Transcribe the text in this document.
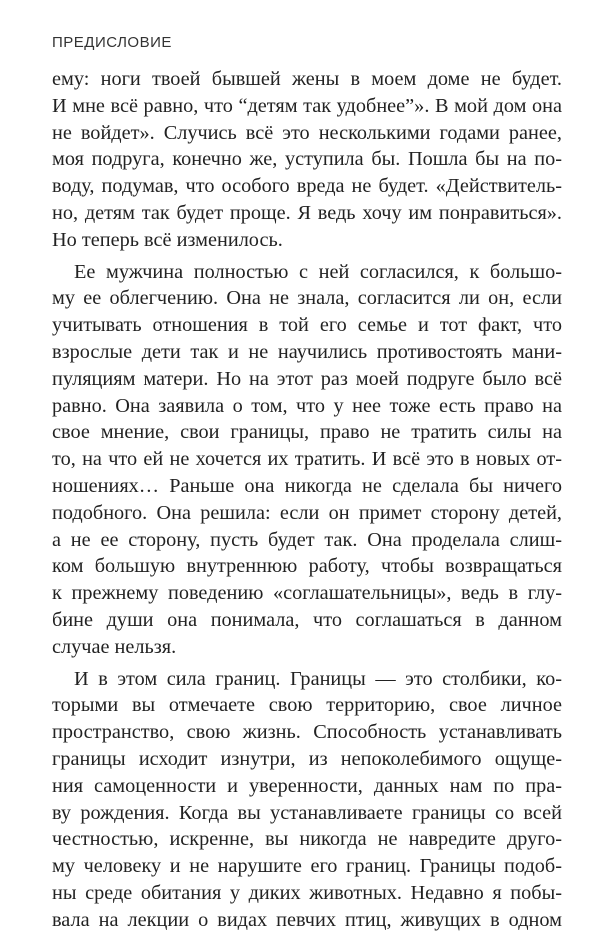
ПРЕДИСЛОВИЕ
ему: ноги твоей бывшей жены в моем доме не будет.
И мне всё равно, что “детям так удобнее”». В мой дом она
не войдет». Случись всё это несколькими годами ранее,
моя подруга, конечно же, уступила бы. Пошла бы на по-
воду, подумав, что особого вреда не будет. «Действитель-
но, детям так будет проще. Я ведь хочу им понравиться».
Но теперь всё изменилось.
Ее мужчина полностью с ней согласился, к большо-
му ее облегчению. Она не знала, согласится ли он, если
учитывать отношения в той его семье и тот факт, что
взрослые дети так и не научились противостоять мани-
пуляциям матери. Но на этот раз моей подруге было всё
равно. Она заявила о том, что у нее тоже есть право на
свое мнение, свои границы, право не тратить силы на
то, на что ей не хочется их тратить. И всё это в новых от-
ношениях… Раньше она никогда не сделала бы ничего
подобного. Она решила: если он примет сторону детей,
а не ее сторону, пусть будет так. Она проделала слиш-
ком большую внутреннюю работу, чтобы возвращаться
к прежнему поведению «соглашательницы», ведь в глу-
бине души она понимала, что соглашаться в данном
случае нельзя.
И в этом сила границ. Границы — это столбики, ко-
торыми вы отмечаете свою территорию, свое личное
пространство, свою жизнь. Способность устанавливать
границы исходит изнутри, из непоколебимого ощуще-
ния самоценности и уверенности, данных нам по пра-
ву рождения. Когда вы устанавливаете границы со всей
честностью, искренне, вы никогда не навредите друго-
му человеку и не нарушите его границ. Границы подоб-
ны среде обитания у диких животных. Недавно я побы-
вала на лекции о видах певчих птиц, живущих в одном
